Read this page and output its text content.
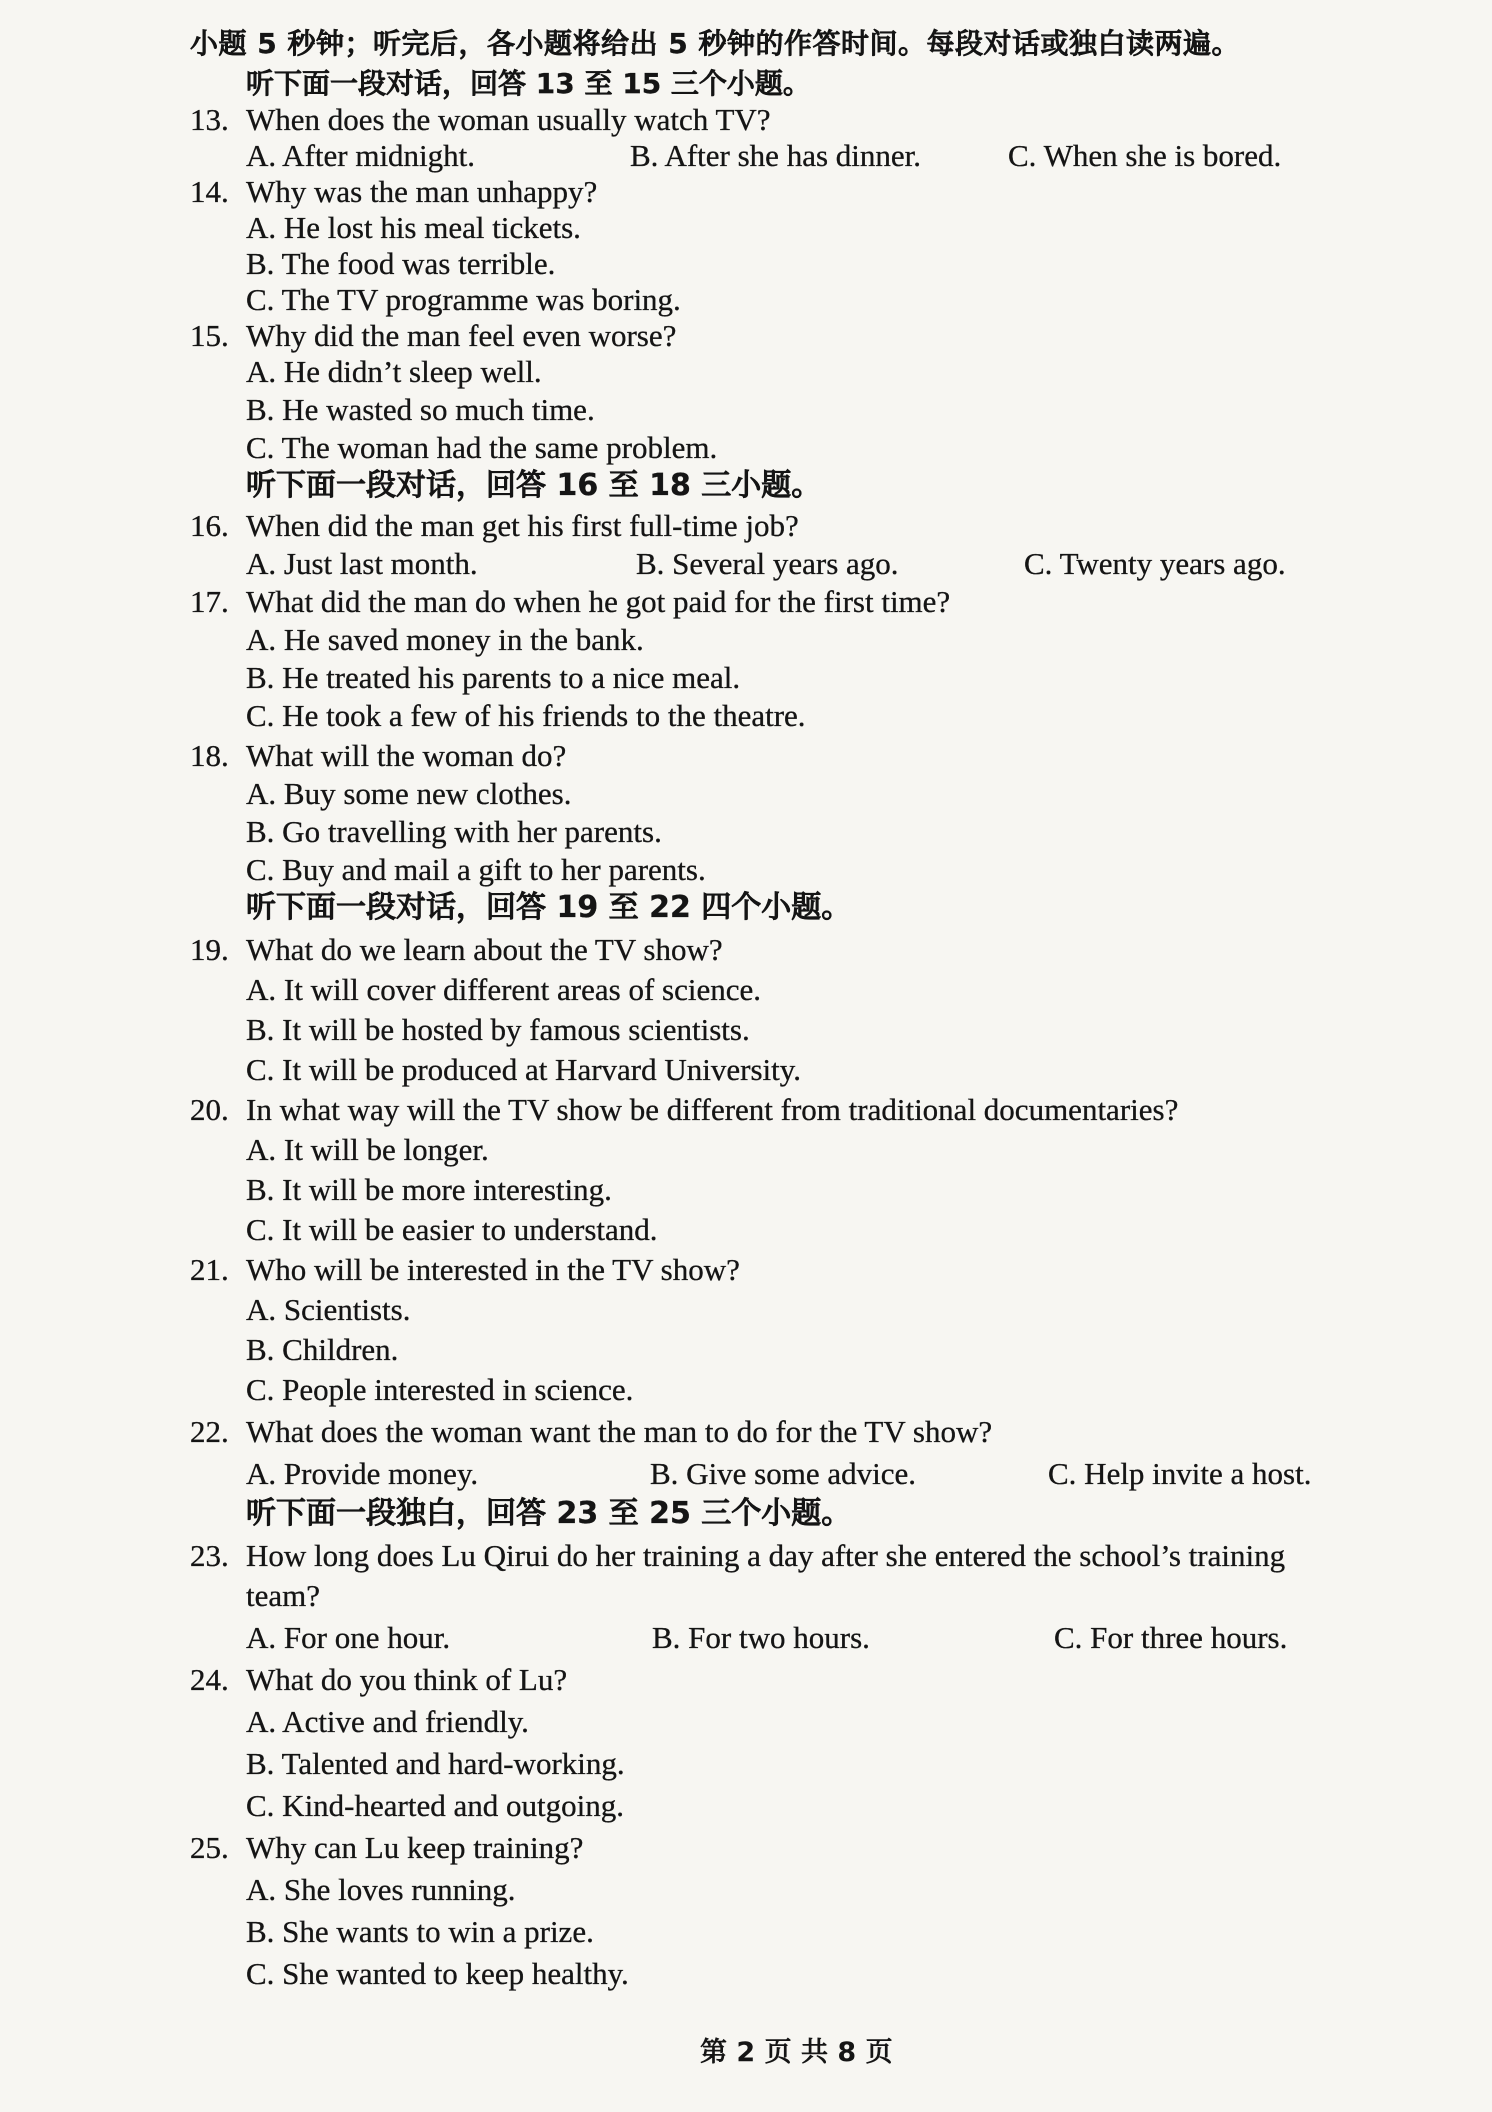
小题 5 秒钟；听完后，各小题将给出 5 秒钟的作答时间。每段对话或独白读两遍。
听下面一段对话，回答 13 至 15 三个小题。
13. When does the woman usually watch TV?
A. After midnight.	B. After she has dinner.	C. When she is bored.
14. Why was the man unhappy?
A. He lost his meal tickets.
B. The food was terrible.
C. The TV programme was boring.
15. Why did the man feel even worse?
A. He didn’t sleep well.
B. He wasted so much time.
C. The woman had the same problem.
听下面一段对话，回答 16 至 18 三小题。
16. When did the man get his first full-time job?
A. Just last month.	B. Several years ago.	C. Twenty years ago.
17. What did the man do when he got paid for the first time?
A. He saved money in the bank.
B. He treated his parents to a nice meal.
C. He took a few of his friends to the theatre.
18. What will the woman do?
A. Buy some new clothes.
B. Go travelling with her parents.
C. Buy and mail a gift to her parents.
听下面一段对话，回答 19 至 22 四个小题。
19. What do we learn about the TV show?
A. It will cover different areas of science.
B. It will be hosted by famous scientists.
C. It will be produced at Harvard University.
20. In what way will the TV show be different from traditional documentaries?
A. It will be longer.
B. It will be more interesting.
C. It will be easier to understand.
21. Who will be interested in the TV show?
A. Scientists.
B. Children.
C. People interested in science.
22. What does the woman want the man to do for the TV show?
A. Provide money.	B. Give some advice.	C. Help invite a host.
听下面一段独白，回答 23 至 25 三个小题。
23. How long does Lu Qirui do her training a day after she entered the school’s training
team?
A. For one hour.	B. For two hours.	C. For three hours.
24. What do you think of Lu?
A. Active and friendly.
B. Talented and hard-working.
C. Kind-hearted and outgoing.
25. Why can Lu keep training?
A. She loves running.
B. She wants to win a prize.
C. She wanted to keep healthy.
第 2 页 共 8 页
